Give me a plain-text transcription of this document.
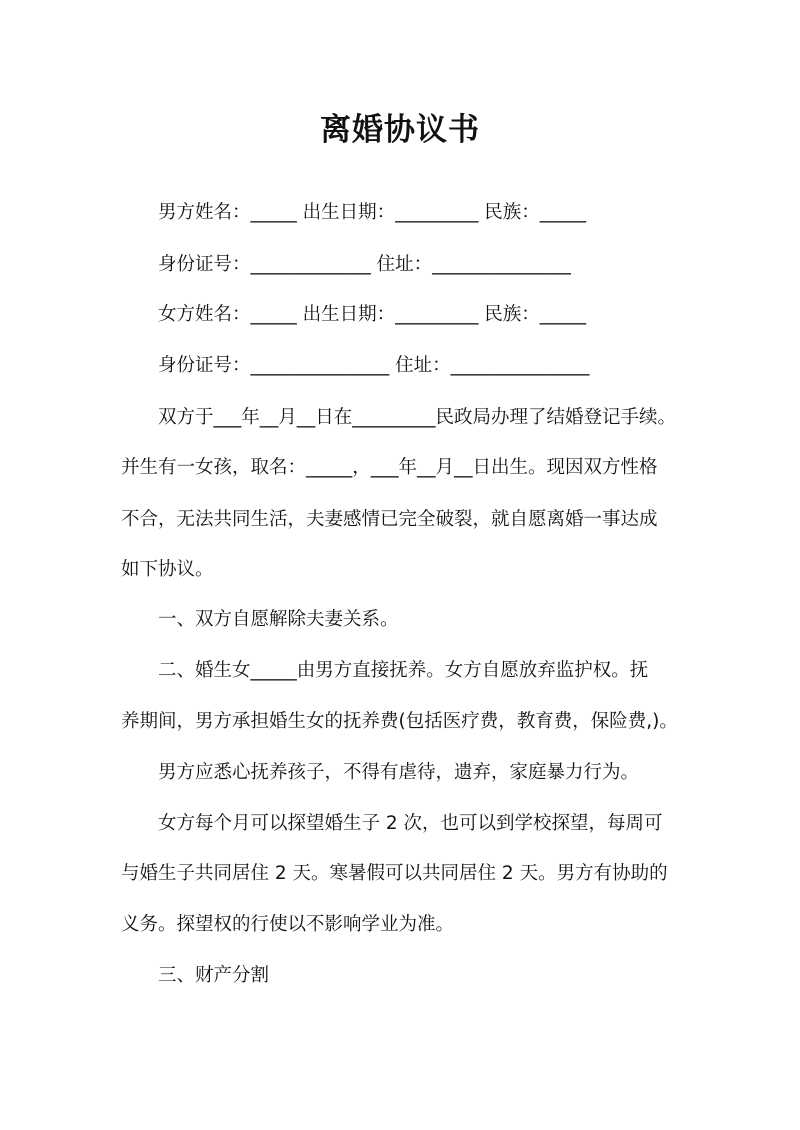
离婚协议书
男方姓名：_____ 出生日期：_________ 民族：_____
身份证号：_____________ 住址：_______________
女方姓名：_____ 出生日期：_________ 民族：_____
身份证号：_______________ 住址：_______________
双方于___年__月__日在_________民政局办理了结婚登记手续。
并生有一女孩，取名：_____，___年__月__日出生。现因双方性格
不合，无法共同生活，夫妻感情已完全破裂，就自愿离婚一事达成
如下协议。
一、双方自愿解除夫妻关系。
二、婚生女_____由男方直接抚养。女方自愿放弃监护权。抚
养期间，男方承担婚生女的抚养费(包括医疗费，教育费，保险费,)。
男方应悉心抚养孩子，不得有虐待，遗弃，家庭暴力行为。
女方每个月可以探望婚生子 2 次，也可以到学校探望，每周可
与婚生子共同居住 2 天。寒暑假可以共同居住 2 天。男方有协助的
义务。探望权的行使以不影响学业为准。
三、财产分割
